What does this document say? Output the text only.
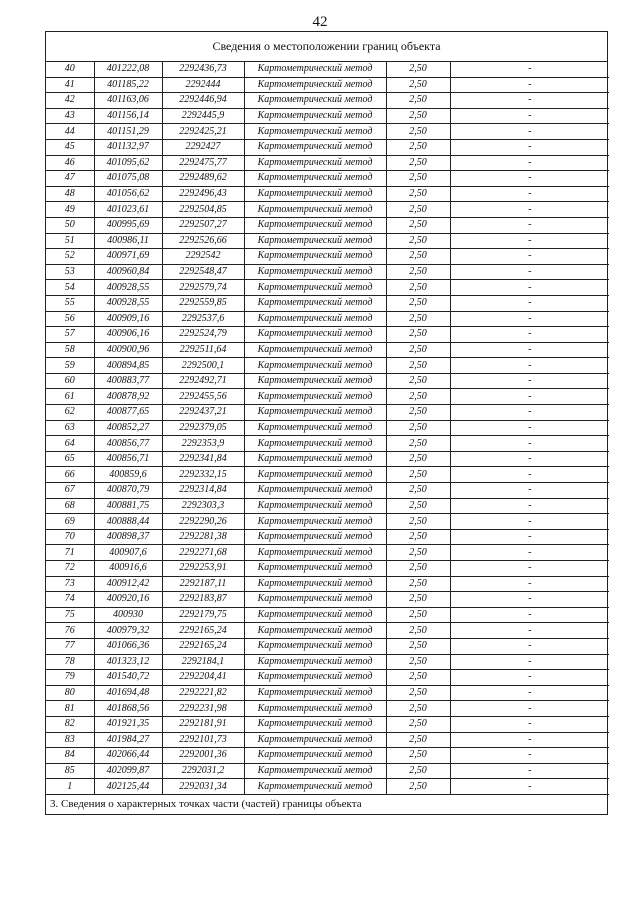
42
Сведения о местоположении границ объекта
40	401222,08	2292436,73	Картометрический метод	2,50	-
41	401185,22	2292444	Картометрический метод	2,50	-
42	401163,06	2292446,94	Картометрический метод	2,50	-
43	401156,14	2292445,9	Картометрический метод	2,50	-
44	401151,29	2292425,21	Картометрический метод	2,50	-
45	401132,97	2292427	Картометрический метод	2,50	-
46	401095,62	2292475,77	Картометрический метод	2,50	-
47	401075,08	2292489,62	Картометрический метод	2,50	-
48	401056,62	2292496,43	Картометрический метод	2,50	-
49	401023,61	2292504,85	Картометрический метод	2,50	-
50	400995,69	2292507,27	Картометрический метод	2,50	-
51	400986,11	2292526,66	Картометрический метод	2,50	-
52	400971,69	2292542	Картометрический метод	2,50	-
53	400960,84	2292548,47	Картометрический метод	2,50	-
54	400928,55	2292579,74	Картометрический метод	2,50	-
55	400928,55	2292559,85	Картометрический метод	2,50	-
56	400909,16	2292537,6	Картометрический метод	2,50	-
57	400906,16	2292524,79	Картометрический метод	2,50	-
58	400900,96	2292511,64	Картометрический метод	2,50	-
59	400894,85	2292500,1	Картометрический метод	2,50	-
60	400883,77	2292492,71	Картометрический метод	2,50	-
61	400878,92	2292455,56	Картометрический метод	2,50	-
62	400877,65	2292437,21	Картометрический метод	2,50	-
63	400852,27	2292379,05	Картометрический метод	2,50	-
64	400856,77	2292353,9	Картометрический метод	2,50	-
65	400856,71	2292341,84	Картометрический метод	2,50	-
66	400859,6	2292332,15	Картометрический метод	2,50	-
67	400870,79	2292314,84	Картометрический метод	2,50	-
68	400881,75	2292303,3	Картометрический метод	2,50	-
69	400888,44	2292290,26	Картометрический метод	2,50	-
70	400898,37	2292281,38	Картометрический метод	2,50	-
71	400907,6	2292271,68	Картометрический метод	2,50	-
72	400916,6	2292253,91	Картометрический метод	2,50	-
73	400912,42	2292187,11	Картометрический метод	2,50	-
74	400920,16	2292183,87	Картометрический метод	2,50	-
75	400930	2292179,75	Картометрический метод	2,50	-
76	400979,32	2292165,24	Картометрический метод	2,50	-
77	401066,36	2292165,24	Картометрический метод	2,50	-
78	401323,12	2292184,1	Картометрический метод	2,50	-
79	401540,72	2292204,41	Картометрический метод	2,50	-
80	401694,48	2292221,82	Картометрический метод	2,50	-
81	401868,56	2292231,98	Картометрический метод	2,50	-
82	401921,35	2292181,91	Картометрический метод	2,50	-
83	401984,27	2292101,73	Картометрический метод	2,50	-
84	402066,44	2292001,36	Картометрический метод	2,50	-
85	402099,87	2292031,2	Картометрический метод	2,50	-
1	402125,44	2292031,34	Картометрический метод	2,50	-
3. Сведения о характерных точках части (частей) границы объекта
